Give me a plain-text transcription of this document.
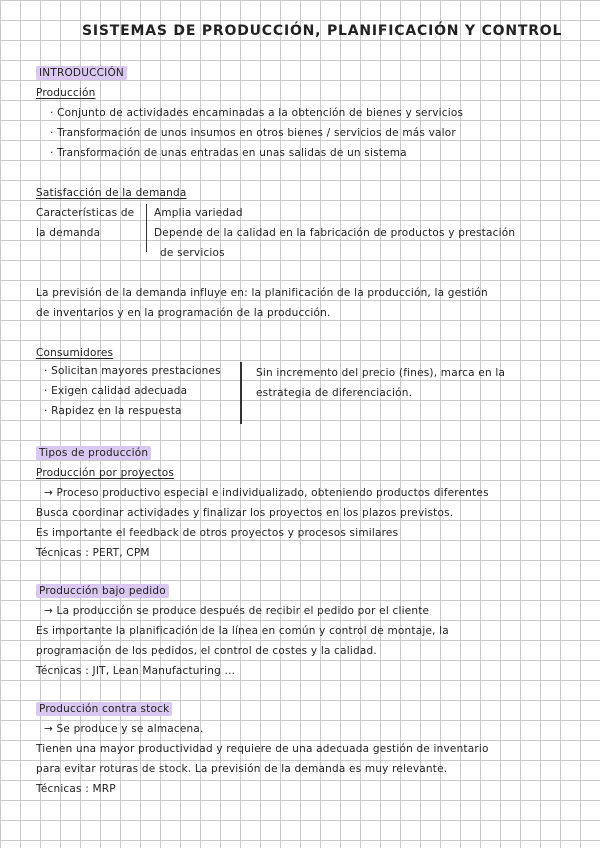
SISTEMAS DE PRODUCCIÓN, PLANIFICACIÓN Y CONTROL
INTRODUCCIÓN
Producción
· Conjunto de actividades encaminadas a la obtención de bienes y servicios
· Transformación de unos insumos en otros bienes / servicios de más valor
· Transformación de unas entradas en unas salidas de un sistema
Satisfacción de la demanda
Características de
la demanda
Amplia variedad
Depende de la calidad en la fabricación de productos y prestación
de servicios
La previsión de la demanda influye en: la planificación de la producción, la gestión
de inventarios y en la programación de la producción.
Consumidores
· Solicitan mayores prestaciones
· Exigen calidad adecuada
· Rapidez en la respuesta
Sin incremento del precio (fines), marca en la
estrategia de diferenciación.
Tipos de producción
Producción por proyectos
→ Proceso productivo especial e individualizado, obteniendo productos diferentes
Busca coordinar actividades y finalizar los proyectos en los plazos previstos.
Es importante el feedback de otros proyectos y procesos similares
Técnicas : PERT, CPM
Producción bajo pedido
→ La producción se produce después de recibir el pedido por el cliente
Es importante la planificación de la línea en común y control de montaje, la
programación de los pedidos, el control de costes y la calidad.
Técnicas : JIT, Lean Manufacturing ...
Producción contra stock
→ Se produce y se almacena.
Tienen una mayor productividad y requiere de una adecuada gestión de inventario
para evitar roturas de stock. La previsión de la demanda es muy relevante.
Técnicas : MRP
